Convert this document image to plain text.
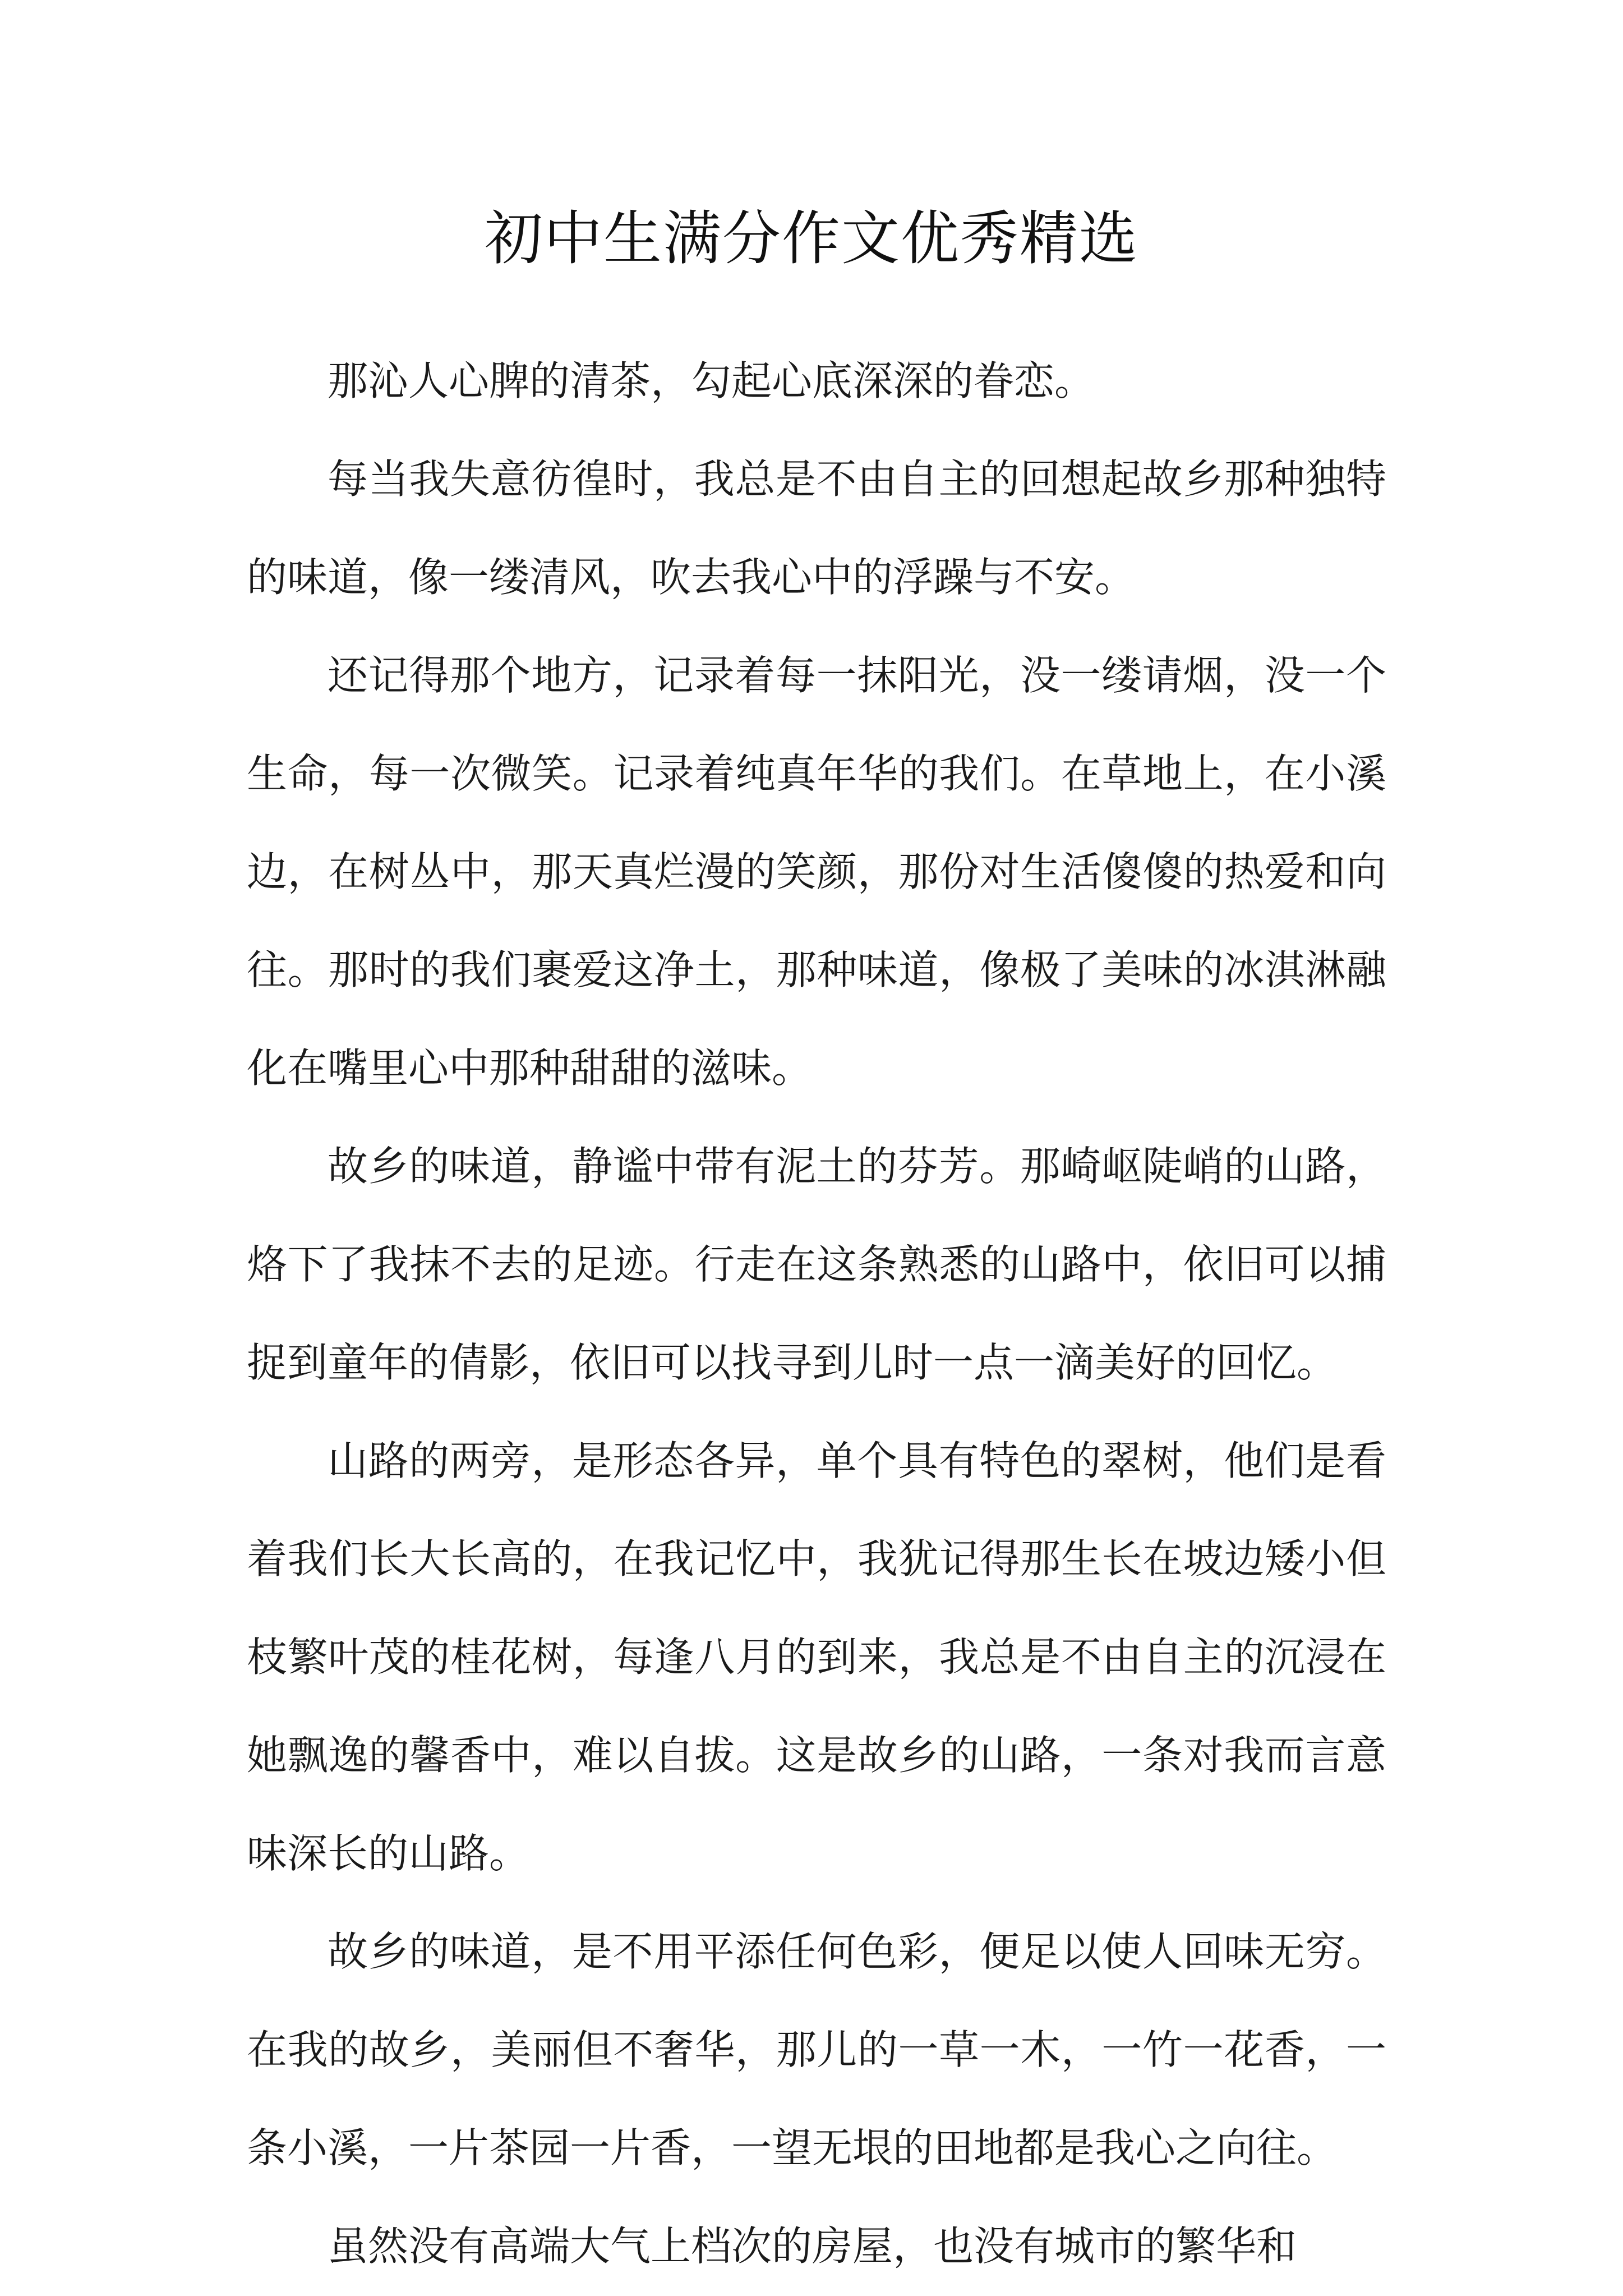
初中生满分作文优秀精选

那沁人心脾的清茶，勾起心底深深的眷恋。

每当我失意彷徨时，我总是不由自主的回想起故乡那种独特的味道，像一缕清风，吹去我心中的浮躁与不安。

还记得那个地方，记录着每一抹阳光，没一缕请烟，没一个生命，每一次微笑。记录着纯真年华的我们。在草地上，在小溪边，在树丛中，那天真烂漫的笑颜，那份对生活傻傻的热爱和向往。那时的我们裹爱这净土，那种味道，像极了美味的冰淇淋融化在嘴里心中那种甜甜的滋味。

故乡的味道，静谧中带有泥土的芬芳。那崎岖陡峭的山路，烙下了我抹不去的足迹。行走在这条熟悉的山路中，依旧可以捕捉到童年的倩影，依旧可以找寻到儿时一点一滴美好的回忆。

山路的两旁，是形态各异，单个具有特色的翠树，他们是看着我们长大长高的，在我记忆中，我犹记得那生长在坡边矮小但枝繁叶茂的桂花树，每逢八月的到来，我总是不由自主的沉浸在她飘逸的馨香中，难以自拔。这是故乡的山路，一条对我而言意味深长的山路。

故乡的味道，是不用平添任何色彩，便足以使人回味无穷。在我的故乡，美丽但不奢华，那儿的一草一木，一竹一花香，一条小溪，一片茶园一片香，一望无垠的田地都是我心之向往。

虽然没有高端大气上档次的房屋，也没有城市的繁华和
